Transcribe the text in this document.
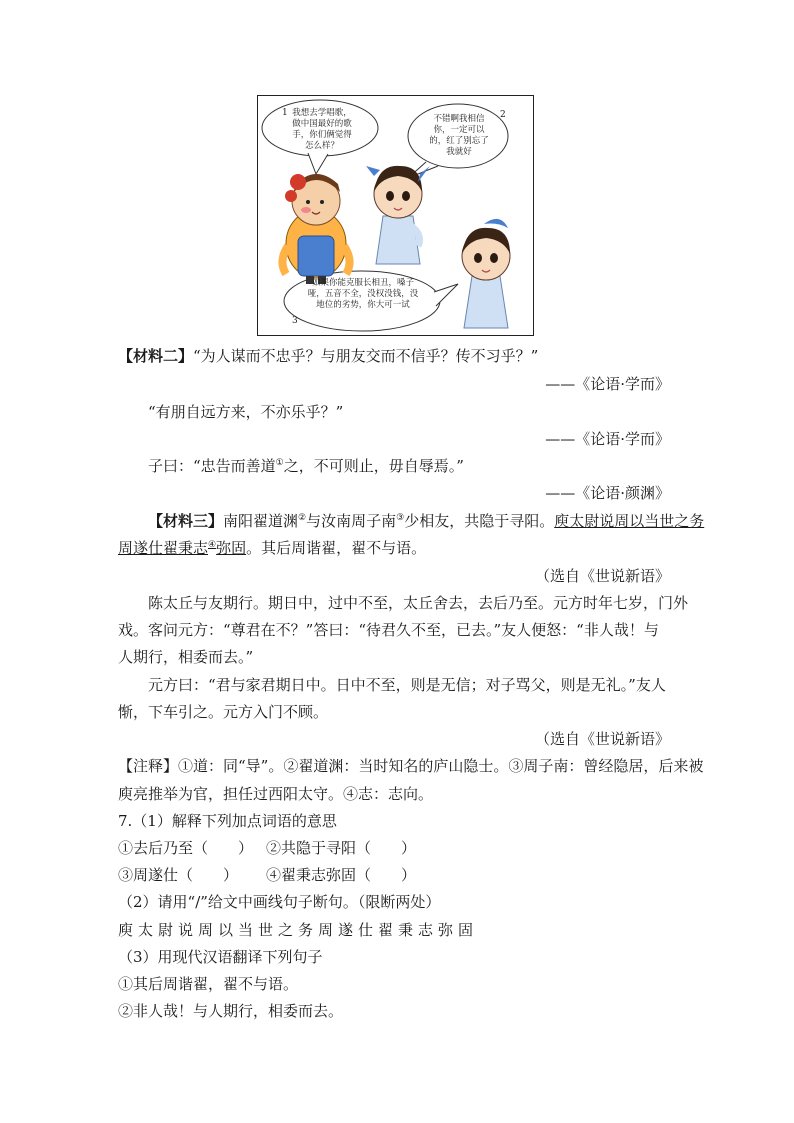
1 我想去学唱歌，做中国最好的歌手，你们俩觉得怎么样？
2
不错啊我相信你，一定可以的，红了别忘了我就好
3
如果你能克服长相丑，嗓子哑，五音不全，没权没钱，没地位的劣势，你大可一试
【材料二】“为人谋而不忠乎？与朋友交而不信乎？传不习乎？”
——《论语·学而》
“有朋自远方来，不亦乐乎？”
——《论语·学而》
子曰：“忠告而善道①之，不可则止，毋自辱焉。”
——《论语·颜渊》
【材料三】南阳翟道渊②与汝南周子南③少相友，共隐于寻阳。庾太尉说周以当世之务
周遂仕翟秉志④弥固。其后周谐翟，翟不与语。
（选自《世说新语》
陈太丘与友期行。期日中，过中不至，太丘舍去，去后乃至。元方时年七岁，门外
戏。客问元方：“尊君在不？”答曰：“待君久不至，已去。”友人便怒：“非人哉！与
人期行，相委而去。”
元方曰：“君与家君期日中。日中不至，则是无信；对子骂父，则是无礼。”友人
惭，下车引之。元方入门不顾。
（选自《世说新语》
【注释】①道：同“导”。②翟道渊：当时知名的庐山隐士。③周子南：曾经隐居，后来被
庾亮推举为官，担任过西阳太守。④志：志向。
7.（1）解释下列加点词语的意思
①去后乃至（　　） ②共隐于寻阳（　　）
③周遂仕（　　） ④翟秉志弥固（　　）
（2）请用“/”给文中画线句子断句。（限断两处）
庾太尉说周以当世之务周遂仕翟秉志弥固
（3）用现代汉语翻译下列句子
①其后周谐翟，翟不与语。
②非人哉！与人期行，相委而去。
